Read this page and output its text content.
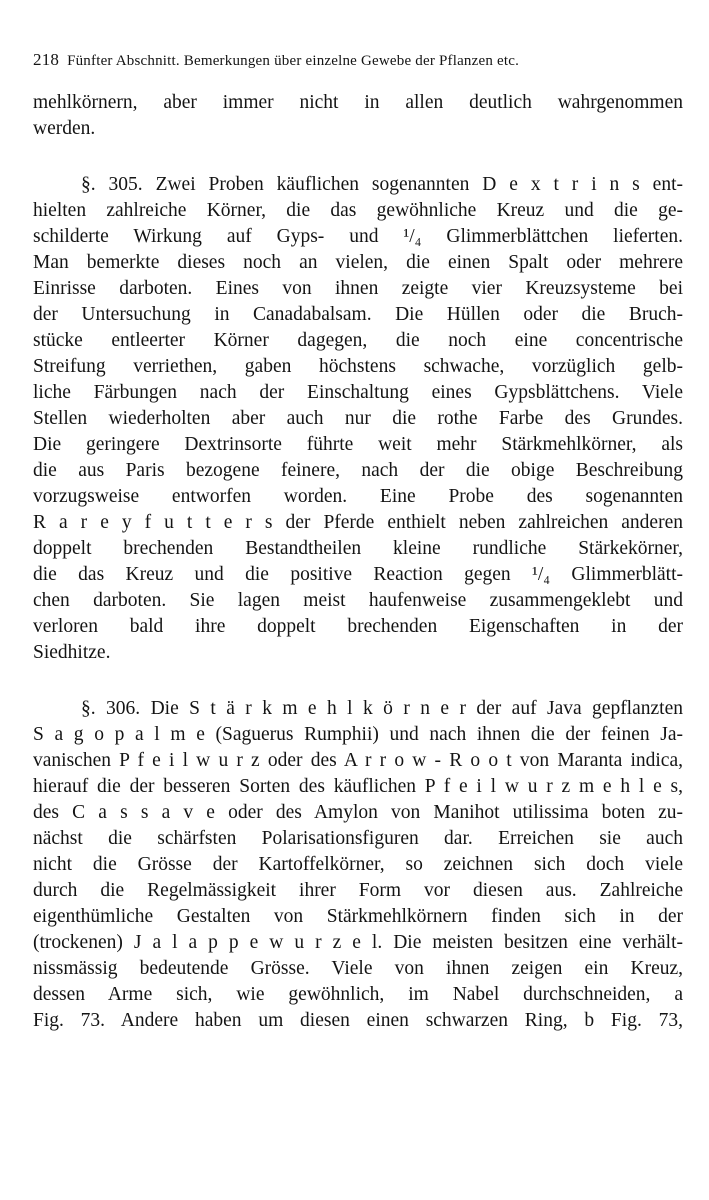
218 Fünfter Abschnitt. Bemerkungen über einzelne Gewebe der Pflanzen etc.
mehlkörnern, aber immer nicht in allen deutlich wahrgenommen
werden.
§. 305. Zwei Proben käuflichen sogenannten D e x t r i n s ent-
hielten zahlreiche Körner, die das gewöhnliche Kreuz und die ge-
schilderte Wirkung auf Gyps- und ¹/₄ Glimmerblättchen lieferten.
Man bemerkte dieses noch an vielen, die einen Spalt oder mehrere
Einrisse darboten. Eines von ihnen zeigte vier Kreuzsysteme bei
der Untersuchung in Canadabalsam. Die Hüllen oder die Bruch-
stücke entleerter Körner dagegen, die noch eine concentrische
Streifung verriethen, gaben höchstens schwache, vorzüglich gelb-
liche Färbungen nach der Einschaltung eines Gypsblättchens. Viele
Stellen wiederholten aber auch nur die rothe Farbe des Grundes.
Die geringere Dextrinsorte führte weit mehr Stärkmehlkörner, als
die aus Paris bezogene feinere, nach der die obige Beschreibung
vorzugsweise entworfen worden. Eine Probe des sogenannten
R a r e y f u t t e r s der Pferde enthielt neben zahlreichen anderen
doppelt brechenden Bestandtheilen kleine rundliche Stärkekörner,
die das Kreuz und die positive Reaction gegen ¹/₄ Glimmerblätt-
chen darboten. Sie lagen meist haufenweise zusammengeklebt und
verloren bald ihre doppelt brechenden Eigenschaften in der
Siedhitze.
§. 306. Die S t ä r k m e h l k ö r n e r der auf Java gepflanzten
S a g o p a l m e (Saguerus Rumphii) und nach ihnen die der feinen Ja-
vanischen P f e i l w u r z oder des A r r o w - R o o t von Maranta indica,
hierauf die der besseren Sorten des käuflichen P f e i l w u r z m e h l e s,
des C a s s a v e oder des Amylon von Manihot utilissima boten zu-
nächst die schärfsten Polarisationsfiguren dar. Erreichen sie auch
nicht die Grösse der Kartoffelkörner, so zeichnen sich doch viele
durch die Regelmässigkeit ihrer Form vor diesen aus. Zahlreiche
eigenthümliche Gestalten von Stärkmehlkörnern finden sich in der
(trockenen) J a l a p p e w u r z e l. Die meisten besitzen eine verhält-
nissmässig bedeutende Grösse. Viele von ihnen zeigen ein Kreuz,
dessen Arme sich, wie gewöhnlich, im Nabel durchschneiden, a
Fig. 73. Andere haben um diesen einen schwarzen Ring, b Fig. 73,
